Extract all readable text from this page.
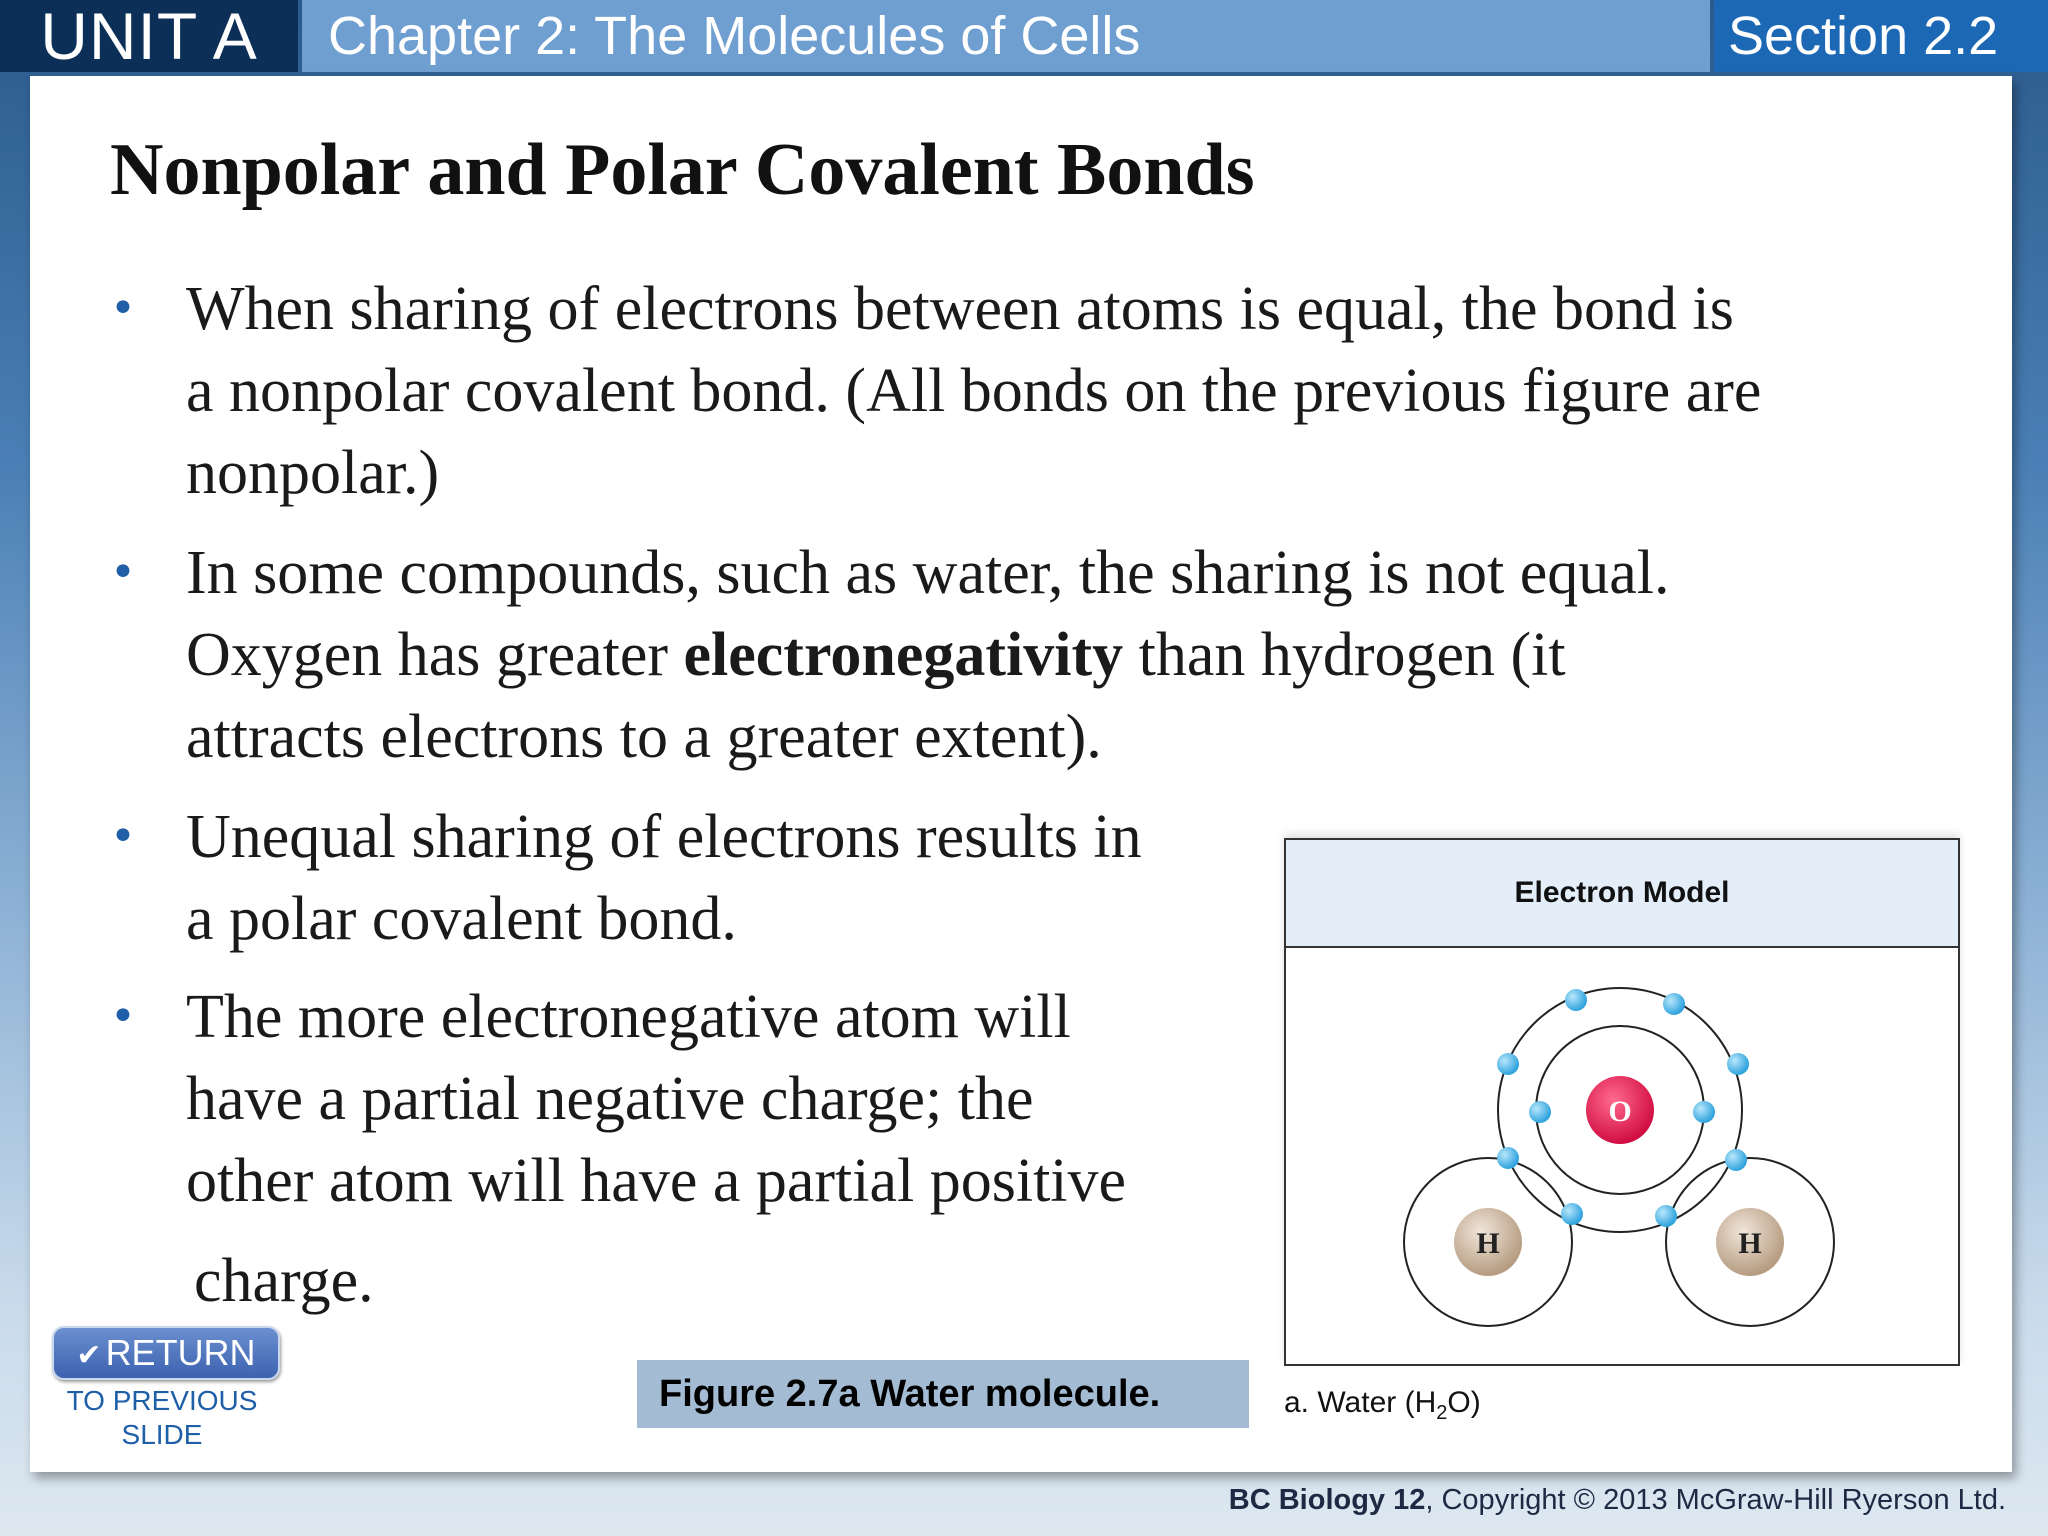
UNIT A	Chapter 2: The Molecules of Cells	Section 2.2
Nonpolar and Polar Covalent Bonds
• When sharing of electrons between atoms is equal, the bond is
a nonpolar covalent bond. (All bonds on the previous figure are
nonpolar.)
• In some compounds, such as water, the sharing is not equal.
Oxygen has greater electronegativity than hydrogen (it
attracts electrons to a greater extent).
• Unequal sharing of electrons results in
a polar covalent bond.
• The more electronegative atom will
have a partial negative charge; the
other atom will have a partial positive
charge.
Electron Model
O
H	H
a. Water $(H_2O)$
Figure 2.7a Water molecule.
✔ RETURN
TO PREVIOUS
SLIDE
BC Biology 12, Copyright © 2013 McGraw-Hill Ryerson Ltd.
